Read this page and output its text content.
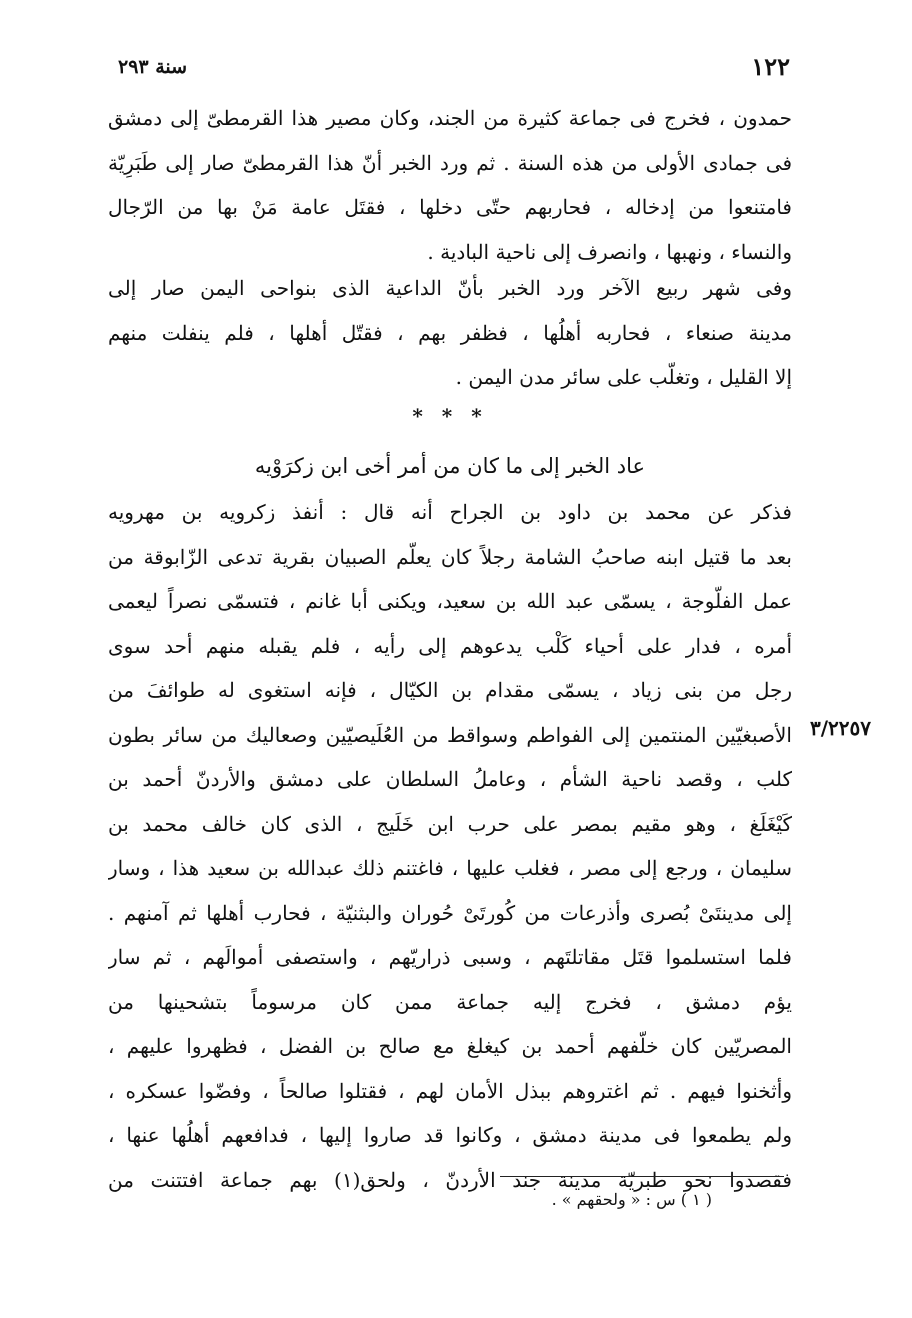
١٢٢
سنة ٢٩٣
حمدون ، فخرج فى جماعة كثيرة من الجند، وكان مصير هذا القرمطىّ إلى دمشق
فى جمادى الأولى من هذه السنة . ثم ورد الخبر أنّ هذا القرمطىّ صار إلى طَبَرِيّة
فامتنعوا من إدخاله ، فحاربهم حتّى دخلها ، فقتَل عامة مَنْ بها من الرّجال
والنساء ، ونهبها ، وانصرف إلى ناحية البادية .
وفى شهر ربيع الآخر ورد الخبر بأنّ الداعية الذى بنواحى اليمن صار إلى
مدينة صنعاء ، فحاربه أهلُها ، فظفر بهم ، فقتّل أهلها ، فلم ينفلت منهم
إلا القليل ، وتغلّب على سائر مدن اليمن .
* * *
عاد الخبر إلى ما كان من أمر أخى ابن زكرَوْيه
فذكر عن محمد بن داود بن الجراح أنه قال : أنفذ زكرويه بن مهرويه
بعد ما قتيل ابنه صاحبُ الشامة رجلاً كان يعلّم الصبيان بقرية تدعى الزّابوقة من
عمل الفلّوجة ، يسمّى عبد الله بن سعيد، ويكنى أبا غانم ، فتسمّى نصراً ليعمى
أمره ، فدار على أحياء كَلْب يدعوهم إلى رأيه ، فلم يقبله منهم أحد سوى
رجل من بنى زياد ، يسمّى مقدام بن الكيّال ، فإنه استغوى له طوائفَ من
الأصبغيّين المنتمين إلى الفواطم وسواقط من العُلَيصيّين وصعاليك من سائر بطون
كلب ، وقصد ناحية الشأم ، وعاملُ السلطان على دمشق والأردنّ أحمد بن
كَيْغَلَغ ، وهو مقيم بمصر على حرب ابن خَلَيج ، الذى كان خالف محمد بن
سليمان ، ورجع إلى مصر ، فغلب عليها ، فاغتنم ذلك عبدالله بن سعيد هذا ، وسار
إلى مدينتَىْ بُصرى وأذرعات من كُورتَىْ حُوران والبثنيّة ، فحارب أهلها ثم آمنهم .
فلما استسلموا قتَل مقاتلتَهم ، وسبى ذراريّهم ، واستصفى أموالَهم ، ثم سار
يؤم دمشق ، فخرج إليه جماعة ممن كان مرسوماً بتشحينها من
المصريّين كان خلّفهم أحمد بن كيغلغ مع صالح بن الفضل ، فظهروا عليهم ،
وأثخنوا فيهم . ثم اغتروهم ببذل الأمان لهم ، فقتلوا صالحاً ، وفضّوا عسكره ،
ولم يطمعوا فى مدينة دمشق ، وكانوا قد صاروا إليها ، فدافعهم أهلُها عنها ،
فقصدوا نحو طبريّة مدينة جند الأردنّ ، ولحق(١) بهم جماعة افتتنت من
٣/٢٢٥٧
( ١ ) س : « ولحقهم » .
